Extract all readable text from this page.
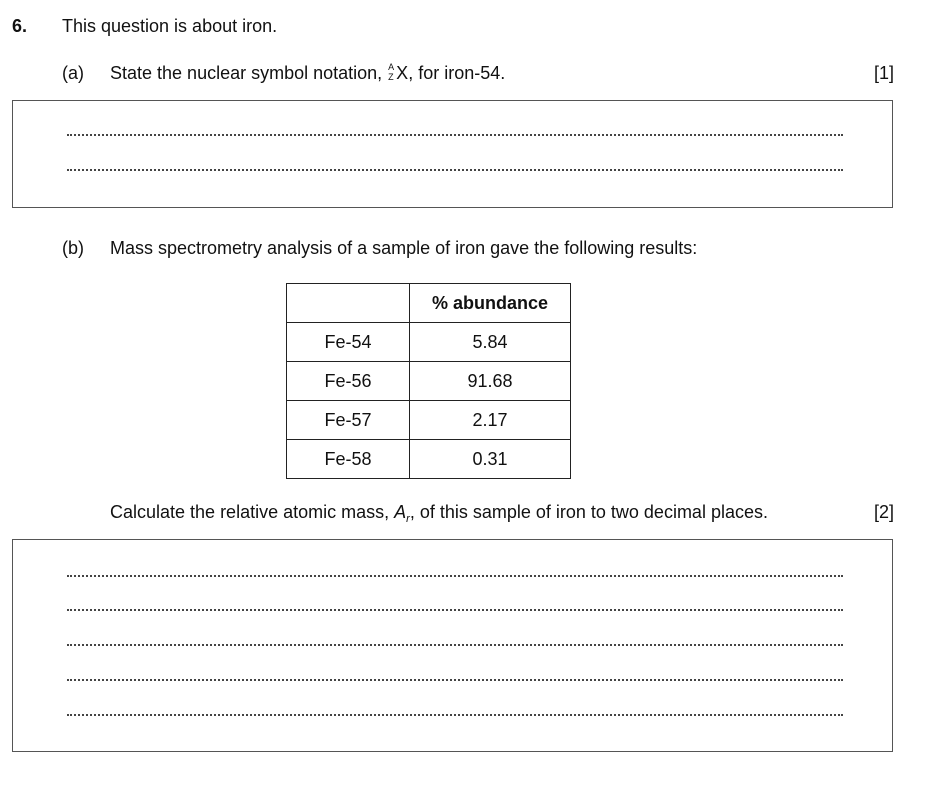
6. This question is about iron.
(a) State the nuclear symbol notation, A
Z X, for iron-54.	[1]
(b) Mass spectrometry analysis of a sample of iron gave the following results:
	% abundance
Fe-54	5.84
Fe-56	91.68
Fe-57	2.17
Fe-58	0.31
Calculate the relative atomic mass, $A_r$, of this sample of iron to two decimal places.	[2]
